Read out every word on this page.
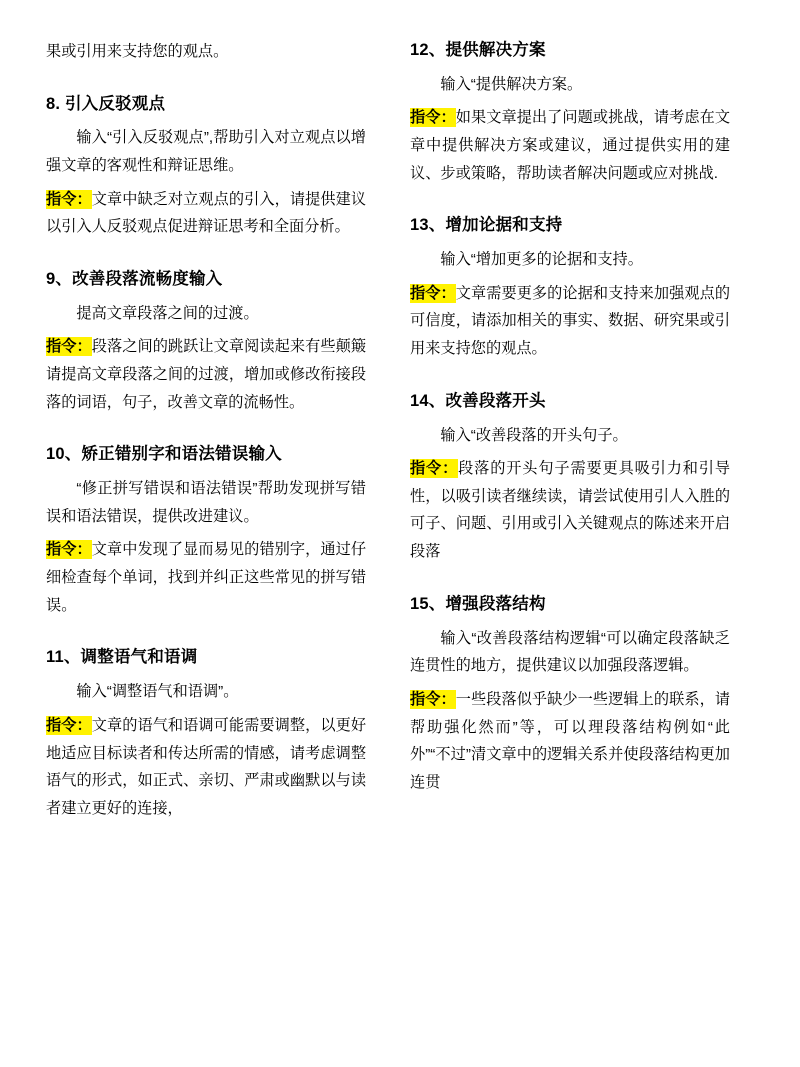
果或引用来支持您的观点。

8. 引入反驳观点

输入“引入反驳观点”,帮助引入对立观点以增强文章的客观性和辩证思维。

指令：文章中缺乏对立观点的引入，请提供建议以引入人反驳观点促进辩证思考和全面分析。

9、改善段落流畅度输入

提高文章段落之间的过渡。

指令：段落之间的跳跃让文章阅读起来有些颠簸请提高文章段落之间的过渡，增加或修改衔接段落的词语，句子，改善文章的流畅性。

10、矫正错别字和语法错误输入

“修正拼写错误和语法错误”帮助发现拼写错误和语法错误，提供改进建议。

指令：文章中发现了显而易见的错别字，通过仔细检查每个单词，找到并纠正这些常见的拼写错误。

11、调整语气和语调

输入“调整语气和语调”。

指令：文章的语气和语调可能需要调整，以更好地适应目标读者和传达所需的情感，请考虑调整语气的形式，如正式、亲切、严肃或幽默以与读者建立更好的连接，

12、提供解决方案

输入“提供解决方案。

指令：如果文章提出了问题或挑战，请考虑在文章中提供解决方案或建议，通过提供实用的建议、步或策略，帮助读者解决问题或应对挑战.

13、增加论据和支持

输入“增加更多的论据和支持。

指令：文章需要更多的论据和支持来加强观点的可信度，请添加相关的事实、数据、研究果或引用来支持您的观点。

14、改善段落开头

输入“改善段落的开头句子。

指令：段落的开头句子需要更具吸引力和引导性，以吸引读者继续读，请尝试使用引人入胜的可子、问题、引用或引入关键观点的陈述来开启段落

15、增强段落结构

输入“改善段落结构逻辑“可以确定段落缺乏连贯性的地方，提供建议以加强段落逻辑。

指令：一些段落似乎缺少一些逻辑上的联系，请帮助强化然而”等，可以理段落结构例如“此外”“不过”清文章中的逻辑关系并使段落结构更加连贯
